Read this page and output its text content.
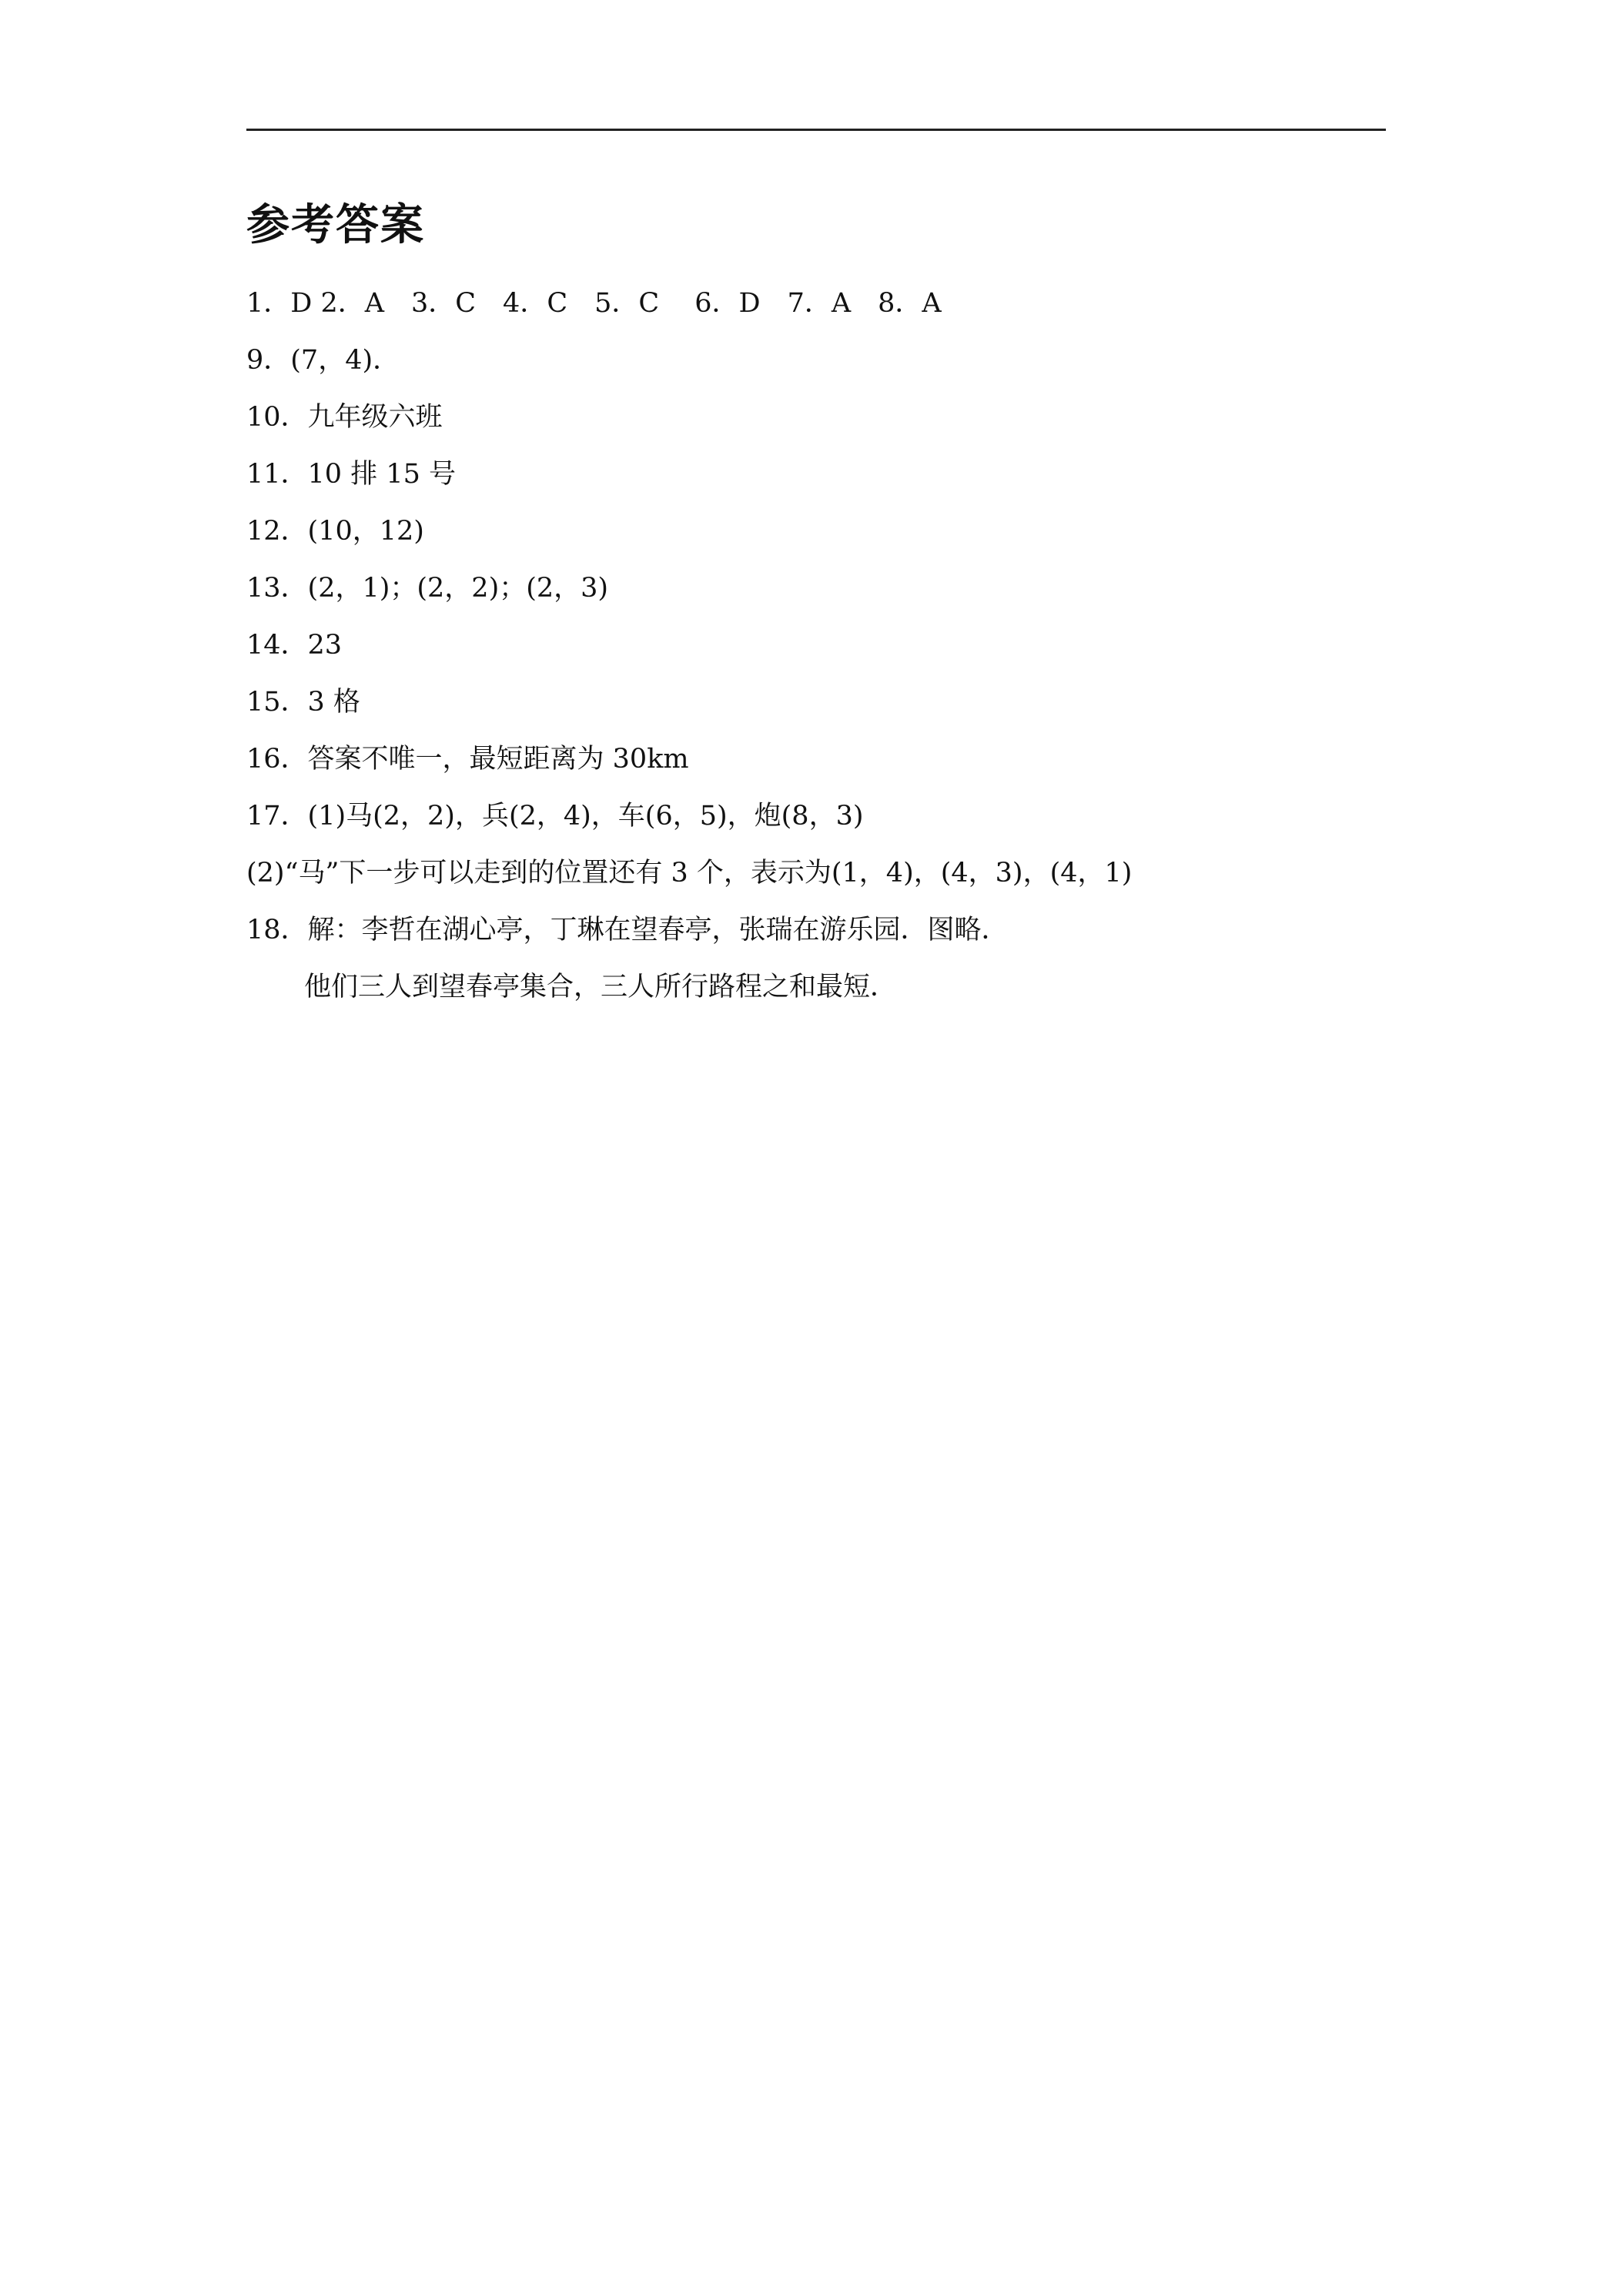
参考答案
1．D 2．A　3．C　4．C　5．C　 6．D　7．A　8．A
9．(7，4)．
10．九年级六班
11．10 排 15 号
12．(10，12)
13．(2，1)；(2，2)；(2，3)
14．23
15．3 格
16．答案不唯一，最短距离为 30km
17．(1)马(2，2)，兵(2，4)，车(6，5)，炮(8，3)
(2)“马”下一步可以走到的位置还有 3 个，表示为(1，4)，(4，3)，(4，1)
18．解：李哲在湖心亭，丁琳在望春亭，张瑞在游乐园．图略．
他们三人到望春亭集合，三人所行路程之和最短．
